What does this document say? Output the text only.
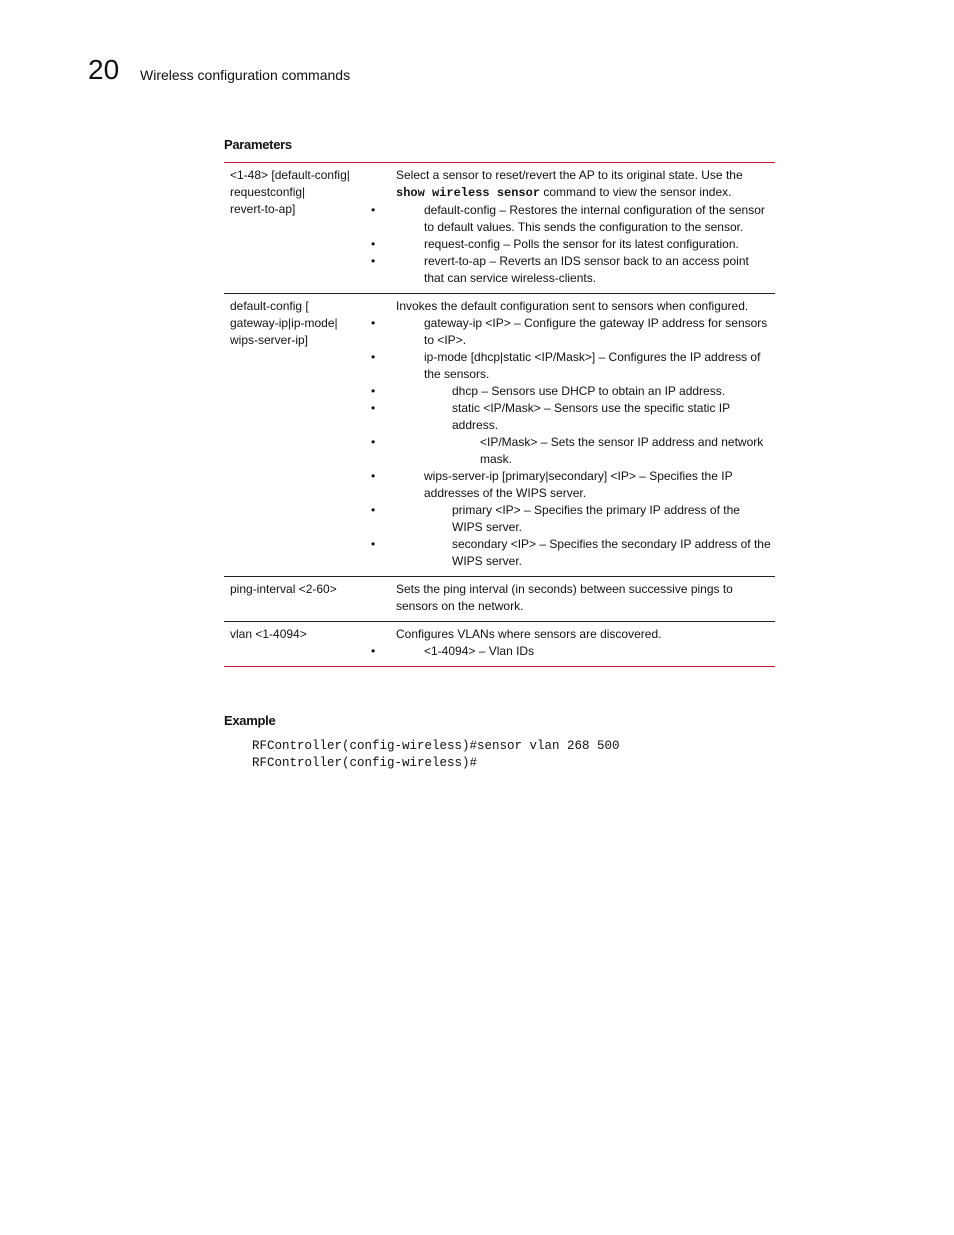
20 Wireless configuration commands
Parameters
<1-48> [default-config|
requestconfig|
revert-to-ap]
Select a sensor to reset/revert the AP to its original state. Use the show wireless sensor command to view the sensor index.
• default-config – Restores the internal configuration of the sensor to default values. This sends the configuration to the sensor.
• request-config – Polls the sensor for its latest configuration.
• revert-to-ap – Reverts an IDS sensor back to an access point that can service wireless-clients.
default-config [
gateway-ip|ip-mode|
wips-server-ip]
Invokes the default configuration sent to sensors when configured.
• gateway-ip <IP> – Configure the gateway IP address for sensors to <IP>.
• ip-mode [dhcp|static <IP/Mask>] – Configures the IP address of the sensors.
• dhcp – Sensors use DHCP to obtain an IP address.
• static <IP/Mask> – Sensors use the specific static IP address.
• <IP/Mask> – Sets the sensor IP address and network mask.
• wips-server-ip [primary|secondary] <IP> – Specifies the IP addresses of the WIPS server.
• primary <IP> – Specifies the primary IP address of the WIPS server.
• secondary <IP> – Specifies the secondary IP address of the WIPS server.
ping-interval <2-60>	Sets the ping interval (in seconds) between successive pings to sensors on the network.
vlan <1-4094>	Configures VLANs where sensors are discovered.
• <1-4094> – Vlan IDs
Example
RFController(config-wireless)#sensor vlan 268 500
RFController(config-wireless)#
